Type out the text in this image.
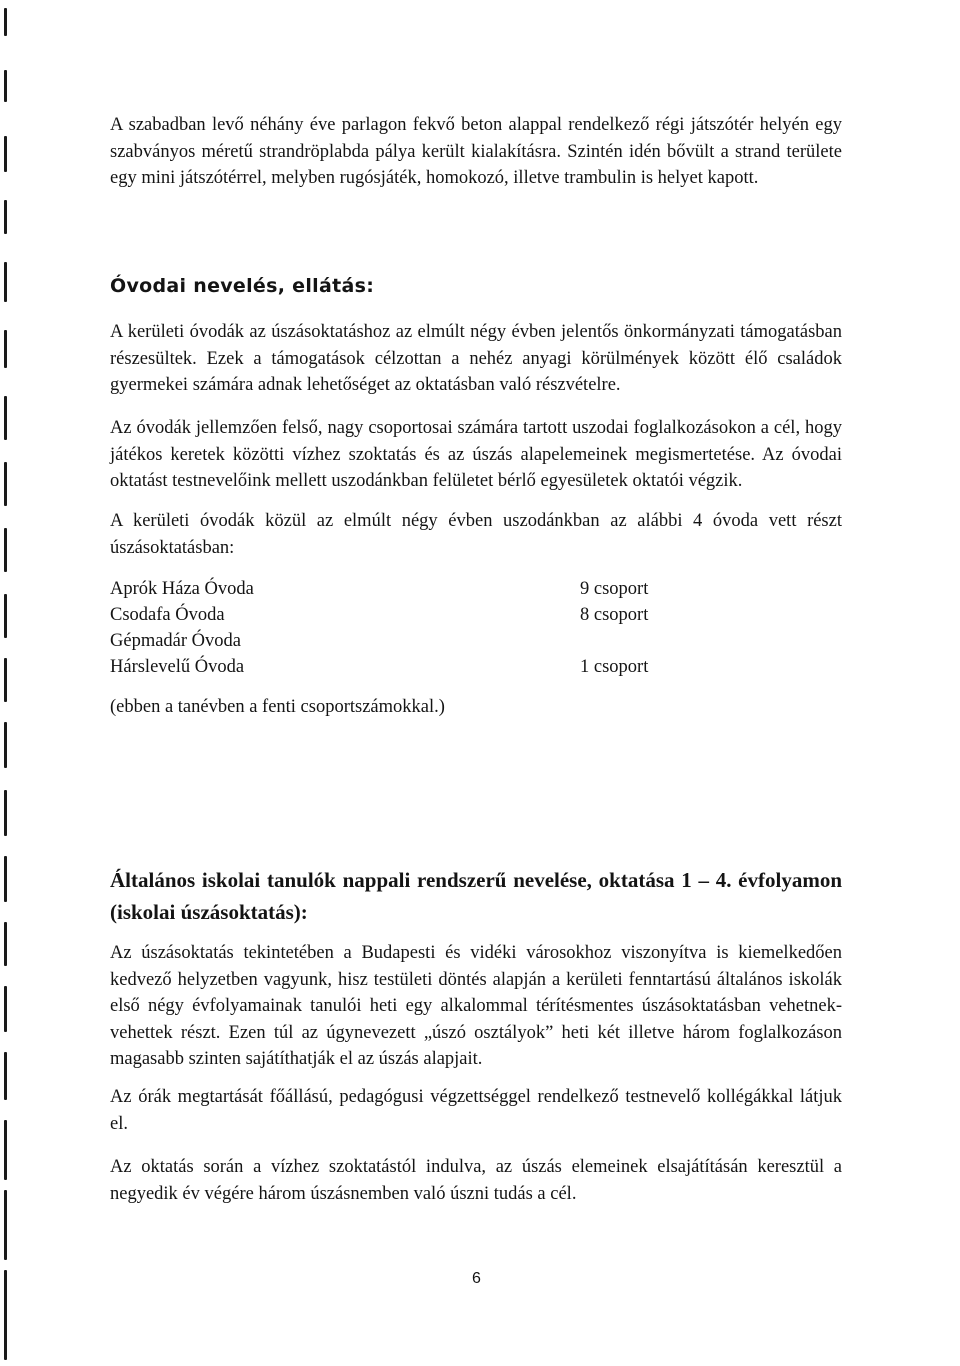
A szabadban levő néhány éve parlagon fekvő beton alappal rendelkező régi játszótér helyén egy szabványos méretű strandröplabda pálya került kialakításra. Szintén idén bővült a strand területe egy mini játszótérrel, melyben rugósjáték, homokozó, illetve trambulin is helyet kapott.

Óvodai nevelés, ellátás:

A kerületi óvodák az úszásoktatáshoz az elmúlt négy évben jelentős önkormányzati támogatásban részesültek. Ezek a támogatások célzottan a nehéz anyagi körülmények között élő családok gyermekei számára adnak lehetőséget az oktatásban való részvételre.

Az óvodák jellemzően felső, nagy csoportosai számára tartott uszodai foglalkozásokon a cél, hogy játékos keretek közötti vízhez szoktatás és az úszás alapelemeinek megismertetése. Az óvodai oktatást testnevelőink mellett uszodánkban felületet bérlő egyesületek oktatói végzik.

A kerületi óvodák közül az elmúlt négy évben uszodánkban az alábbi 4 óvoda vett részt úszásoktatásban:

Aprók Háza Óvoda	9 csoport
Csodafa Óvoda	8 csoport
Gépmadár Óvoda
Hárslevelű Óvoda	1 csoport

(ebben a tanévben a fenti csoportszámokkal.)

Általános iskolai tanulók nappali rendszerű nevelése, oktatása 1 – 4. évfolyamon (iskolai úszásoktatás):

Az úszásoktatás tekintetében a Budapesti és vidéki városokhoz viszonyítva is kiemelkedően kedvező helyzetben vagyunk, hisz testületi döntés alapján a kerületi fenntartású általános iskolák első négy évfolyamainak tanulói heti egy alkalommal térítésmentes úszásoktatásban vehetnek-vehettek részt. Ezen túl az úgynevezett „úszó osztályok” heti két illetve három foglalkozáson magasabb szinten sajátíthatják el az úszás alapjait.

Az órák megtartását főállású, pedagógusi végzettséggel rendelkező testnevelő kollégákkal látjuk el.

Az oktatás során a vízhez szoktatástól indulva, az úszás elemeinek elsajátításán keresztül a negyedik év végére három úszásnemben való úszni tudás a cél.

6
